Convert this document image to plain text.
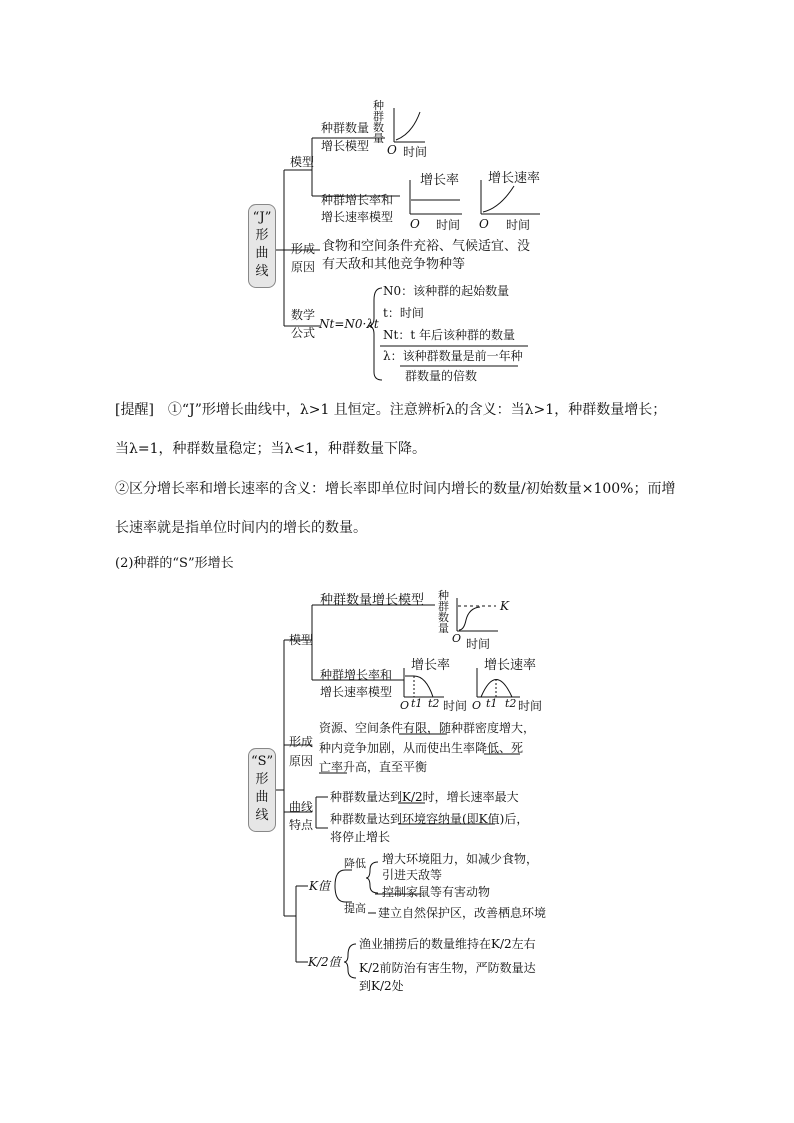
“J”
形
曲
线
模型
种群数量
增长模型
种群增长率和
增长速率模型
种群数量
O 时间
增长率
O 时间
增长速率
O 时间
形成
原因
食物和空间条件充裕、气候适宜、没
有天敌和其他竞争物种等
数学
公式
Nt=N0·λt
N0：该种群的起始数量
t：时间
Nt：t 年后该种群的数量
λ：该种群数量是前一年种
群数量的倍数
[提醒]　①“J”形增长曲线中，λ>1 且恒定。注意辨析λ的含义：当λ>1，种群数量增长；
当λ=1，种群数量稳定；当λ<1，种群数量下降。
②区分增长率和增长速率的含义：增长率即单位时间内增长的数量/初始数量×100%；而增
长速率就是指单位时间内的增长的数量。
(2)种群的“S”形增长
“S”
形
曲
线
模型
种群数量增长模型
种群增长率和
增长速率模型
种群数量
O 时间
K
增长率
O t1 t2 时间
增长速率
O t1 t2 时间
形成
原因
资源、空间条件有限，随种群密度增大，
种内竞争加剧，从而使出生率降低、死
亡率升高，直至平衡
曲线
特点
种群数量达到K/2时，增长速率最大
种群数量达到环境容纳量(即K值)后，
将停止增长
K值
降低
提高
增大环境阻力，如减少食物，
引进天敌等
控制家鼠等有害动物
建立自然保护区，改善栖息环境
K/2值
渔业捕捞后的数量维持在K/2左右
K/2前防治有害生物，严防数量达
到K/2处
